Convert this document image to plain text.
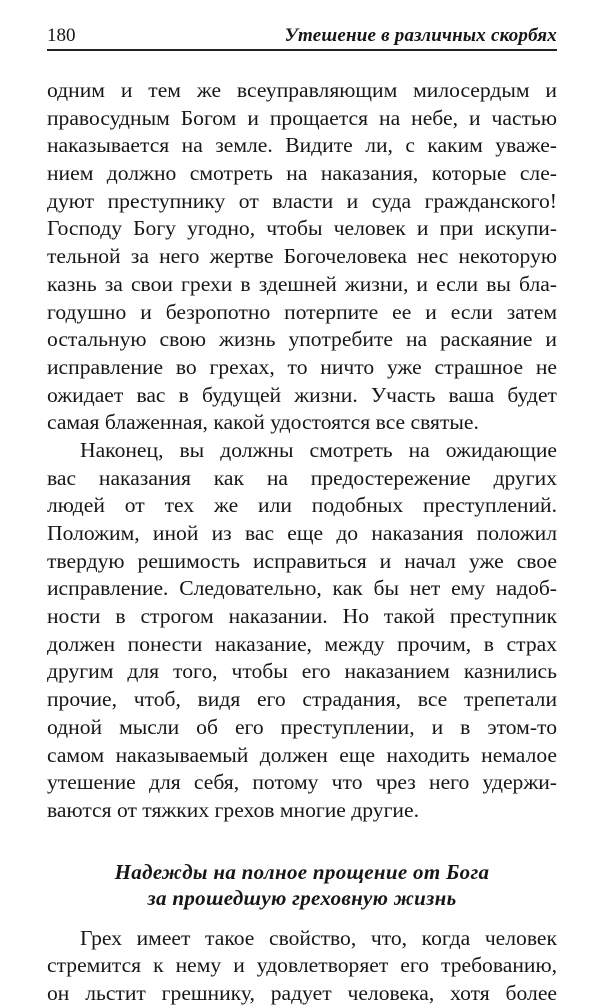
180	Утешение в различных скорбях
одним и тем же всеуправляющим милосердым и
правосудным Богом и прощается на небе, и частью
наказывается на земле. Видите ли, с каким уваже-
нием должно смотреть на наказания, которые сле-
дуют преступнику от власти и суда гражданского!
Господу Богу угодно, чтобы человек и при искупи-
тельной за него жертве Богочеловека нес некоторую
казнь за свои грехи в здешней жизни, и если вы бла-
годушно и безропотно потерпите ее и если затем
остальную свою жизнь употребите на раскаяние и
исправление во грехах, то ничто уже страшное не
ожидает вас в будущей жизни. Участь ваша будет
самая блаженная, какой удостоятся все святые.
Наконец, вы должны смотреть на ожидающие
вас наказания как на предостережение других
людей от тех же или подобных преступлений.
Положим, иной из вас еще до наказания положил
твердую решимость исправиться и начал уже свое
исправление. Следовательно, как бы нет ему надоб-
ности в строгом наказании. Но такой преступник
должен понести наказание, между прочим, в страх
другим для того, чтобы его наказанием казнились
прочие, чтоб, видя его страдания, все трепетали
одной мысли об его преступлении, и в этом-то
самом наказываемый должен еще находить немалое
утешение для себя, потому что чрез него удержи-
ваются от тяжких грехов многие другие.
Надежды на полное прощение от Бога
за прошедшую греховную жизнь
Грех имеет такое свойство, что, когда человек
стремится к нему и удовлетворяет его требованию,
он льстит грешнику, радует человека, хотя более
